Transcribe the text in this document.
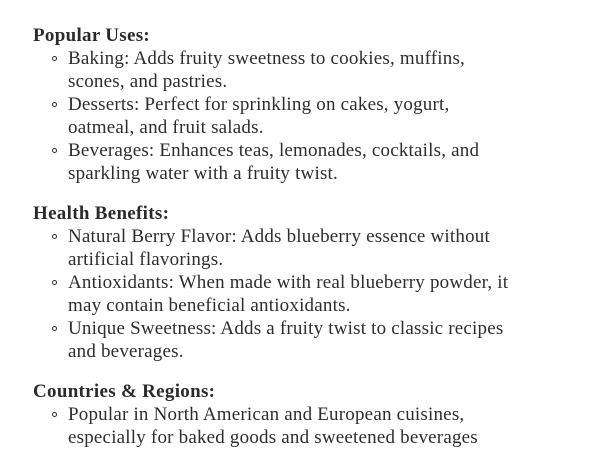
Popular Uses:
Baking: Adds fruity sweetness to cookies, muffins,
scones, and pastries.
Desserts: Perfect for sprinkling on cakes, yogurt,
oatmeal, and fruit salads.
Beverages: Enhances teas, lemonades, cocktails, and
sparkling water with a fruity twist.
Health Benefits:
Natural Berry Flavor: Adds blueberry essence without
artificial flavorings.
Antioxidants: When made with real blueberry powder, it
may contain beneficial antioxidants.
Unique Sweetness: Adds a fruity twist to classic recipes
and beverages.
Countries & Regions:
Popular in North American and European cuisines,
especially for baked goods and sweetened beverages
